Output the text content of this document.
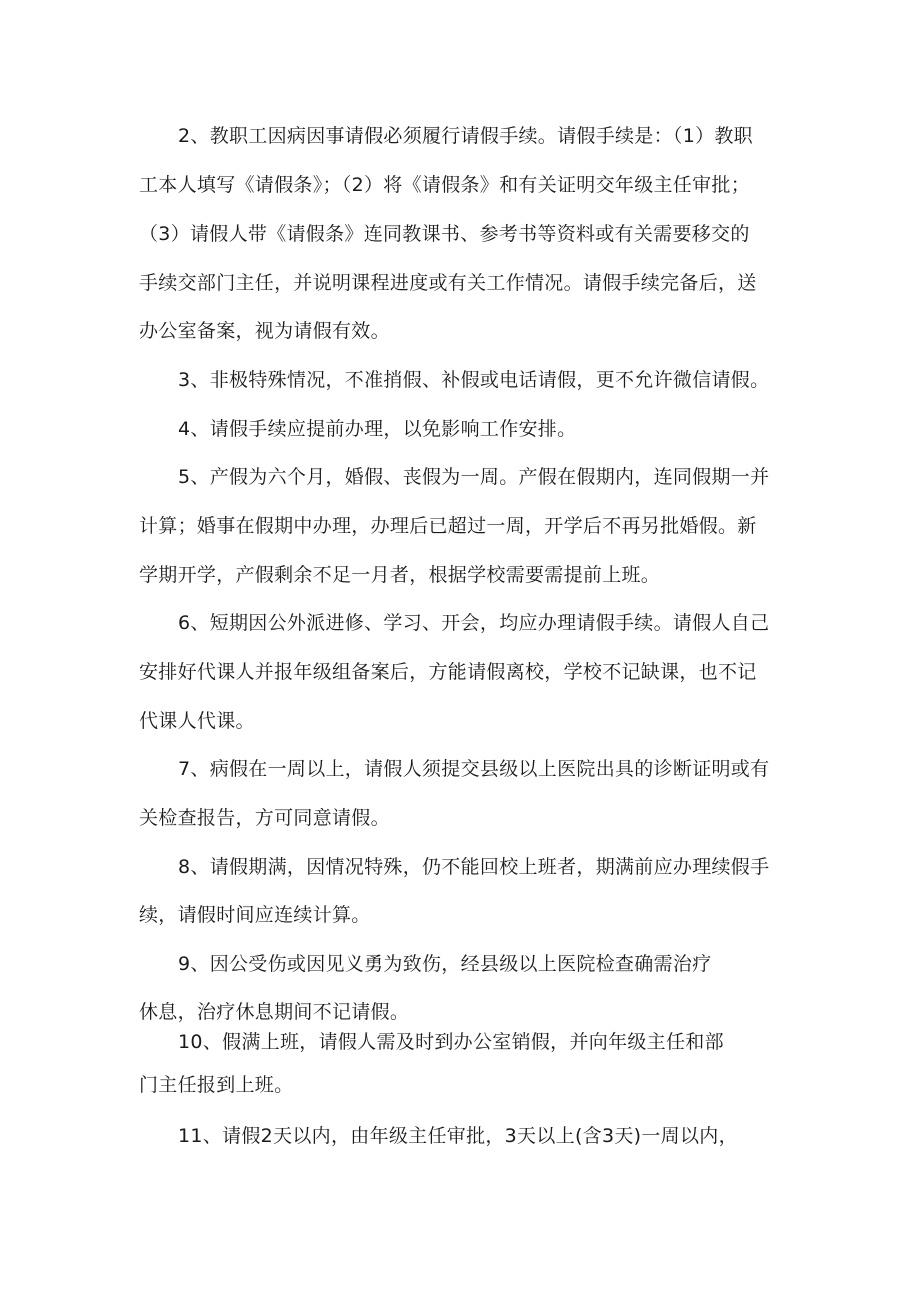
2、教职工因病因事请假必须履行请假手续。请假手续是：（1）教职
工本人填写《请假条》；（2）将《请假条》和有关证明交年级主任审批；
（3）请假人带《请假条》连同教课书、参考书等资料或有关需要移交的
手续交部门主任，并说明课程进度或有关工作情况。请假手续完备后，送
办公室备案，视为请假有效。
3、非极特殊情况，不准捎假、补假或电话请假，更不允许微信请假。
4、请假手续应提前办理，以免影响工作安排。
5、产假为六个月，婚假、丧假为一周。产假在假期内，连同假期一并
计算；婚事在假期中办理，办理后已超过一周，开学后不再另批婚假。新
学期开学，产假剩余不足一月者，根据学校需要需提前上班。
6、短期因公外派进修、学习、开会，均应办理请假手续。请假人自己
安排好代课人并报年级组备案后，方能请假离校，学校不记缺课，也不记
代课人代课。
7、病假在一周以上，请假人须提交县级以上医院出具的诊断证明或有
关检查报告，方可同意请假。
8、请假期满，因情况特殊，仍不能回校上班者，期满前应办理续假手
续，请假时间应连续计算。
9、因公受伤或因见义勇为致伤，经县级以上医院检查确需治疗
休息，治疗休息期间不记请假。
10、假满上班，请假人需及时到办公室销假，并向年级主任和部
门主任报到上班。
11、请假2天以内，由年级主任审批，3天以上(含3天)一周以内，
